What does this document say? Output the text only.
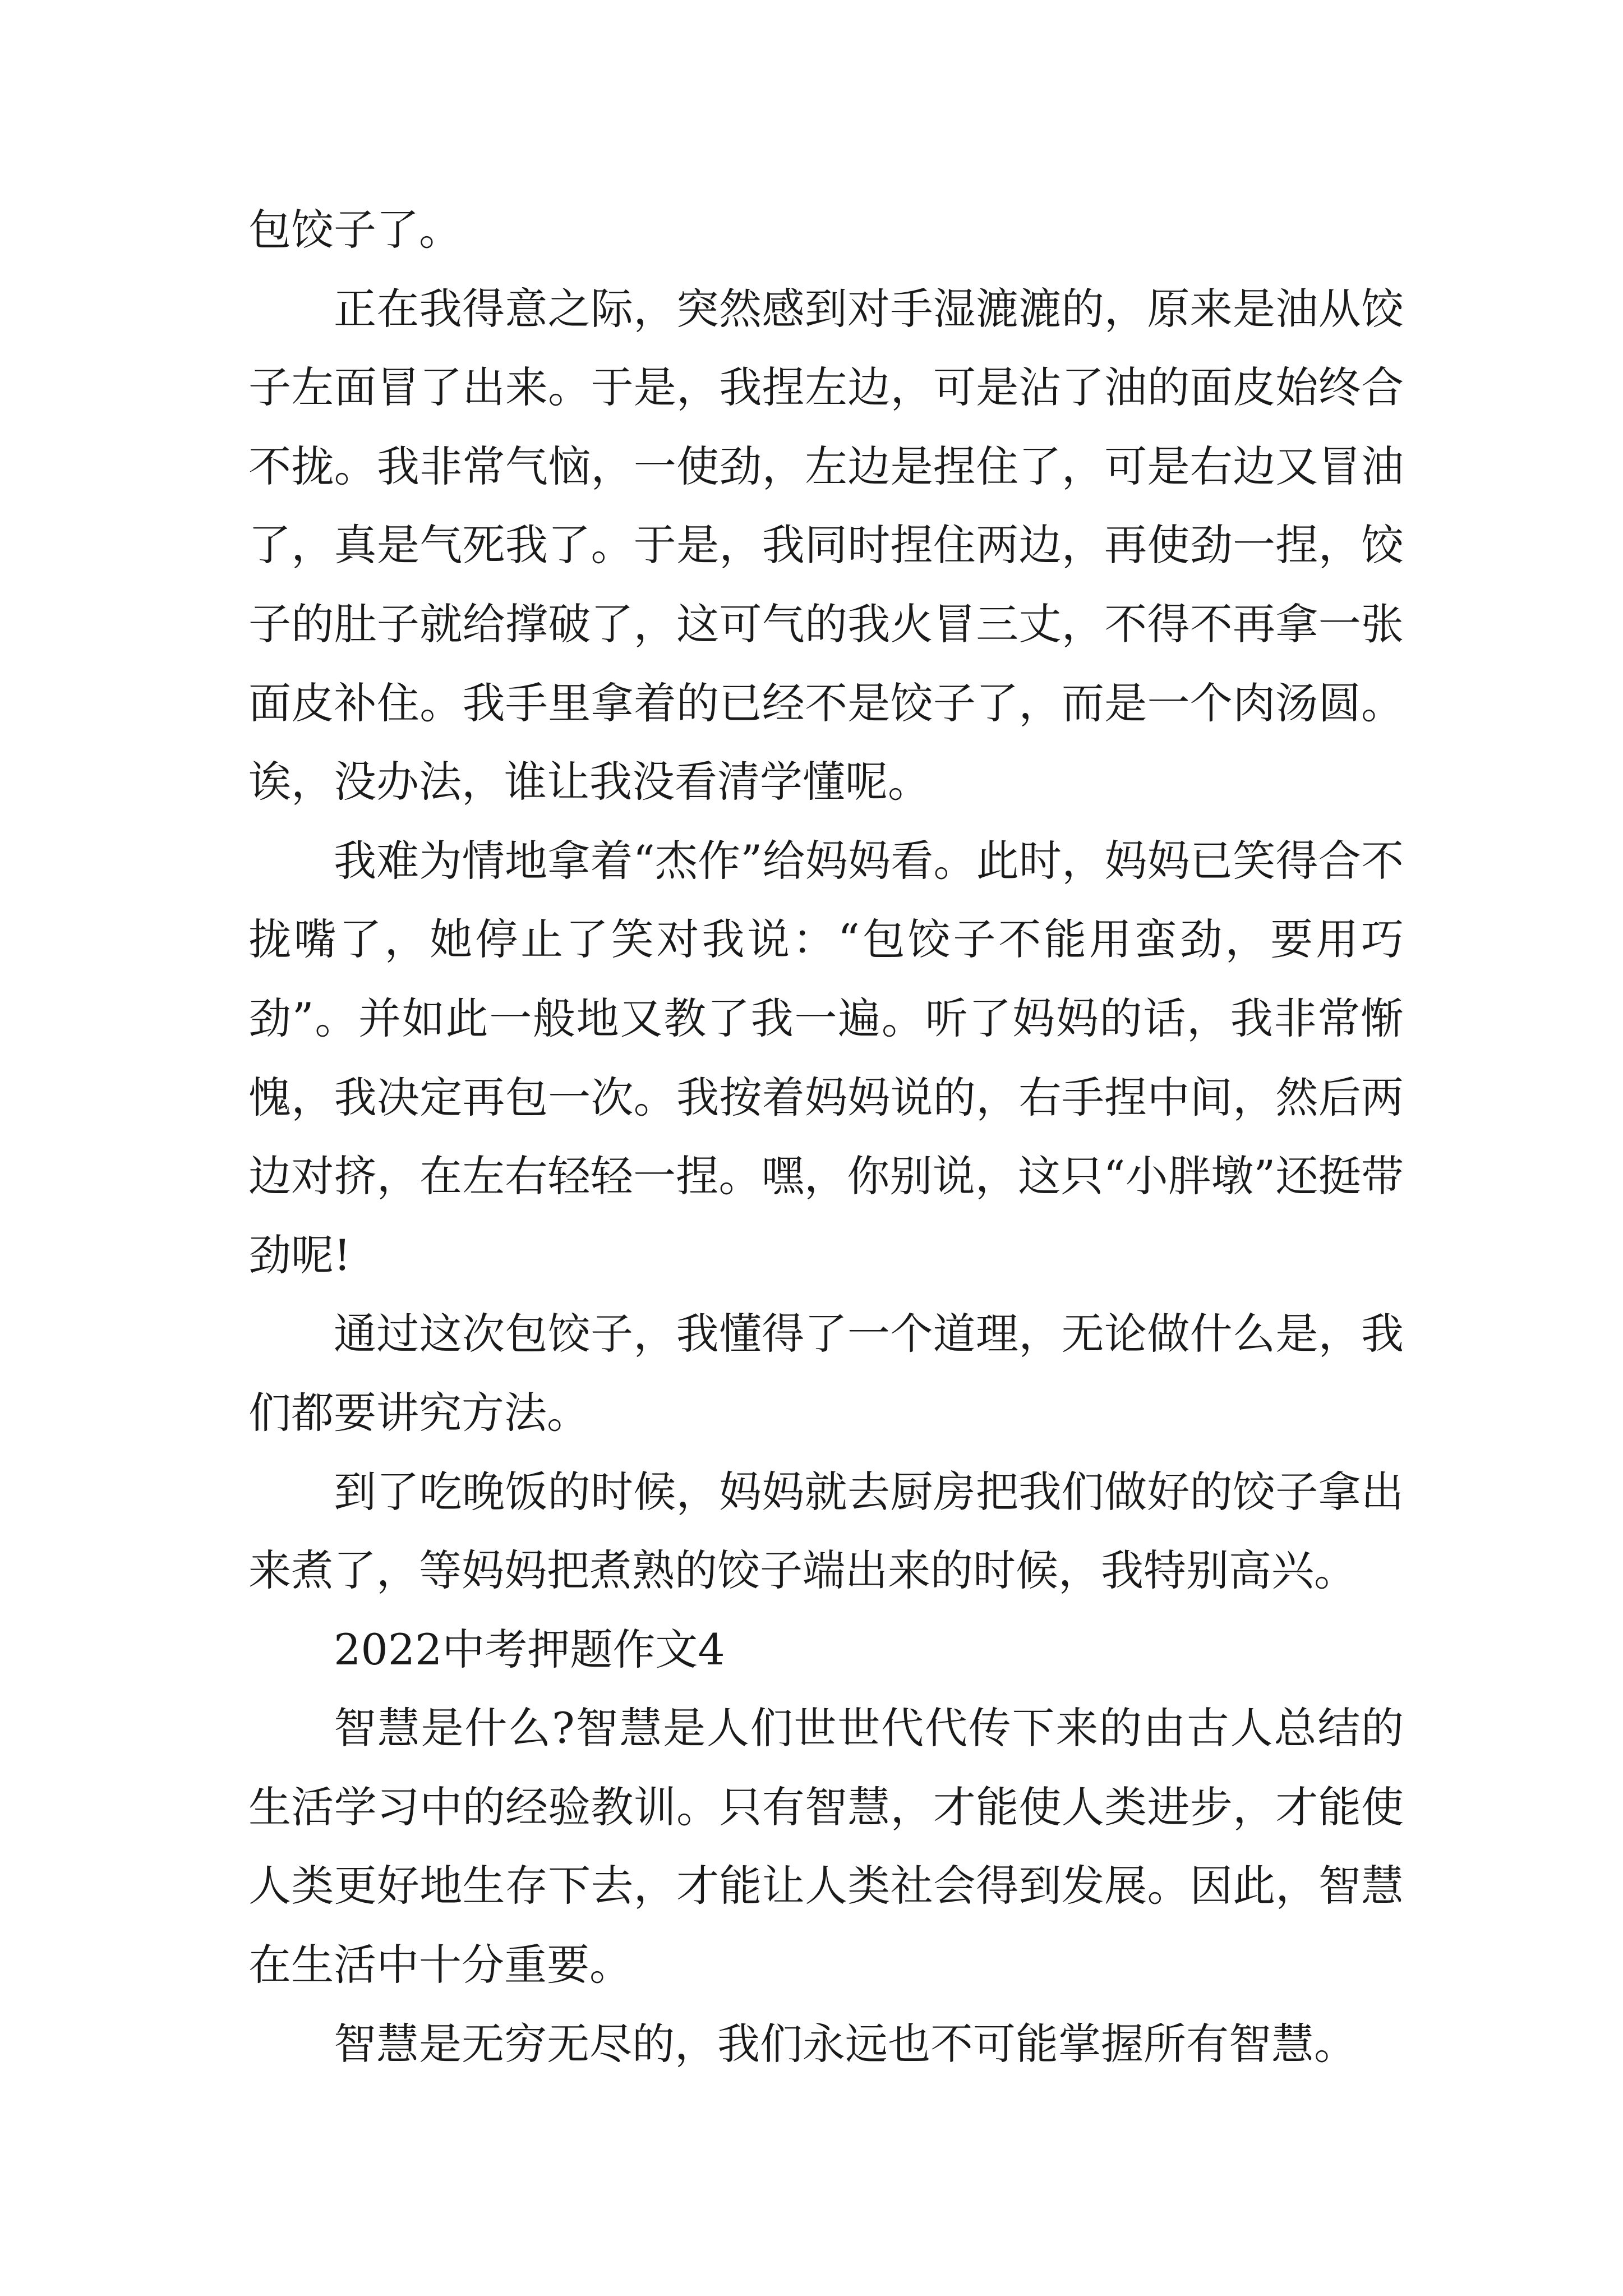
包饺子了。

正在我得意之际，突然感到对手湿漉漉的，原来是油从饺子左面冒了出来。于是，我捏左边，可是沾了油的面皮始终合不拢。我非常气恼，一使劲，左边是捏住了，可是右边又冒油了，真是气死我了。于是，我同时捏住两边，再使劲一捏，饺子的肚子就给撑破了，这可气的我火冒三丈，不得不再拿一张面皮补住。我手里拿着的已经不是饺子了，而是一个肉汤圆。诶，没办法，谁让我没看清学懂呢。

我难为情地拿着“杰作”给妈妈看。此时，妈妈已笑得合不拢嘴了，她停止了笑对我说：“包饺子不能用蛮劲，要用巧劲”。并如此一般地又教了我一遍。听了妈妈的话，我非常惭愧，我决定再包一次。我按着妈妈说的，右手捏中间，然后两边对挤，在左右轻轻一捏。嘿，你别说，这只“小胖墩”还挺带劲呢!

通过这次包饺子，我懂得了一个道理，无论做什么是，我们都要讲究方法。

到了吃晚饭的时候，妈妈就去厨房把我们做好的饺子拿出来煮了，等妈妈把煮熟的饺子端出来的时候，我特别高兴。

2022中考押题作文4

智慧是什么?智慧是人们世世代代传下来的由古人总结的生活学习中的经验教训。只有智慧，才能使人类进步，才能使人类更好地生存下去，才能让人类社会得到发展。因此，智慧在生活中十分重要。

智慧是无穷无尽的，我们永远也不可能掌握所有智慧。
